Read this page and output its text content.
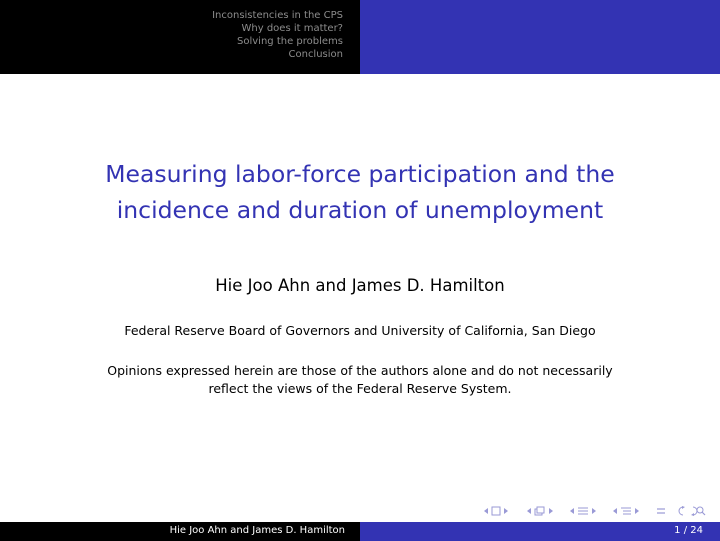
Inconsistencies in the CPS
Why does it matter?
Solving the problems
Conclusion
Measuring labor-force participation and the
incidence and duration of unemployment
Hie Joo Ahn and James D. Hamilton
Federal Reserve Board of Governors and University of California, San Diego
Opinions expressed herein are those of the authors alone and do not necessarily
reflect the views of the Federal Reserve System.
Hie Joo Ahn and James D. Hamilton	1 / 24
